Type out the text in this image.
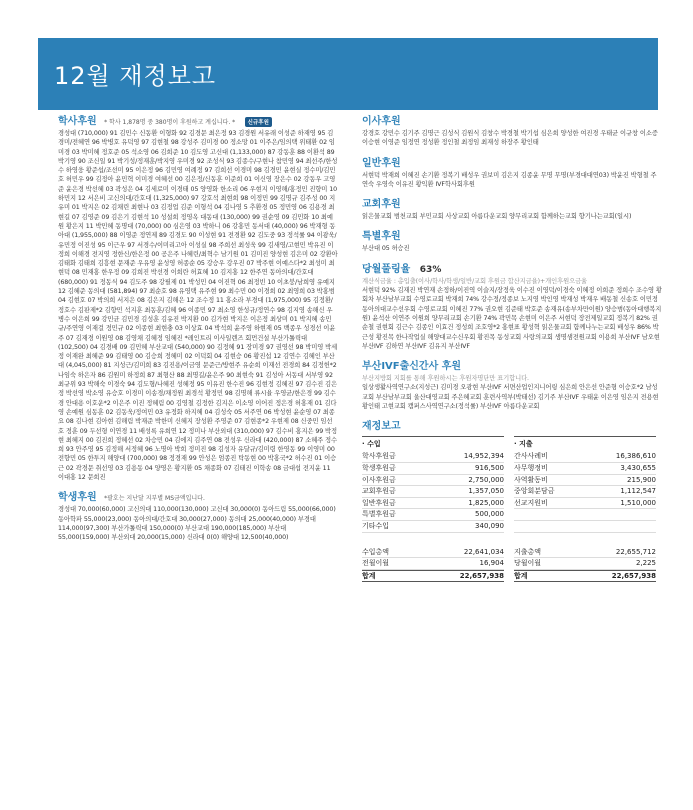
12월 재정보고
학사후원 * 학사 1,878명 중 380명이 후원하고 계십니다. * 신규후원
경성대 (710,000) 91 김민수 신동환 이형화 92 김경문 최은정 93 김경원 서유래 이성준 하재영 95 김경미/전혜연 96 박병호 유덕영 97 김현철 98 강성주 김미경 00 정소망 01 이주은/임의택 위태환 02 임미경 03 박미혜 정호준 05 석소영 06 김희준 10 김도영 고신대 (1,133,000) 87 강동훈 88 이환석 89 박기영 90 조신일 91 박기성/정재훈/박지영 우미경 92 조성식 93 김종수/구현나 참민영 94 최선주/한성수 하영웅 황준섭/조선미 95 이은정 96 김민영 여례정 97 김희선 이경미 98 김경민 윤현실 정수미/김민호 허민우 99 김정아 윤민혁 이미경 여혜선 00 김은정/신동훈 이준희 01 이신영 장은수 02 강동우 고영준 윤은경 박선혜 03 곽성은 04 김세로미 이경태 05 양영화 한소리 06 우현지 이영해/홍정민 진향미 10 하민지 12 서은비 고신의대/간호대 (1,325,000) 97 강호석 최현희 98 이정민 99 김명규 김주성 00 지유미 01 박지은 02 김채린 최현나 03 김정업 김준 이형석 04 김나영 5 추환경 05 정민영 06 김용경 최현길 07 김영준 09 김은기 김현석 10 성설희 정영옥 대동대 (130,000) 99 권순영 09 김민화 10 최예원 황은지 11 박민혜 동명대 (70,000) 00 심은영 03 박하니 06 강홍민 동서대 (40,000) 96 박재형 동아대 (1,955,000) 88 이영준 정연제 89 김경도 90 이성현 91 전경환 92 김도중 93 정석률 94 이광욱/유민정 이진성 95 이근우 97 서경수/이미리고아 이성실 98 주희선 최성욱 99 김새영/고현민 박유진 이정희 이해경 전지영 정한신/한은정 00 공은주 나혜린/최혁수 남기원 01 김미진 양성현 김은미 02 강환아 김태화 김태희 김흥현 문재준 우유영 윤성영 허종순 05 강승우 강우진 07 박주현 이예스다*2 최성미 최현덕 08 민재홍 한우정 09 김희진 박선경 이희란 허효혜 10 김지홍 12 한주연 동아의대/간호대 (680,000) 91 정동식 94 김도주 98 강필제 01 박성민 04 이진혁 06 최정빈 10 이초붕/남희영 유예지 12 김혜준 동의대 (581,894) 97 최순호 98 유영택 유주현 99 최수민 00 이경희 02 최영희 03 박홍범 04 김현호 07 박의희 서지은 08 김은지 김해은 12 조수정 11 홍소라 부경대 (1,975,000) 95 김정환/정호수 김판제*2 김향민 석지훈 최동훈/김혜 96 이종민 97 최소영 한성규/정연수 98 김지영 송해신 우병수 이은희 99 강민균 김민경 김성훈 김유진 박지환 00 김가현 박지은 이은정 최상미 01 박지혜 송민규/주연영 이재걸 정민규 02 이종현 최현충 03 이상효 04 박석희 윤주영 하현재 05 백종우 성경선 이윤주 07 김재경 이원영 08 김영채 김혜정 임혜진 *레인트리 이사일렌즈 회먼건설 부산가톨릭대 (102,500) 04 김경배 09 김민혜 부산교대 (540,000) 90 김정혜 91 장미경 97 권영선 98 박미영 박세정 이재완 최혜준 99 김태영 00 김승희 정혜미 02 이덕회 04 김현승 06 황진섭 12 김연수 김혜인 부산대 (4,045,000) 81 지성근/김미희 83 김진용/이금영 문준근/방현주 유순희 이재선 전경희 84 김정헌*2 나임숙 하은자 86 김원미 하정희 87 최형산 88 최명길/윤은주 90 최현숙 91 김성아 서동대 서부영 92 최규위 93 박해숙 이경숙 94 김도형/나혜진 성혜정 95 이유진 한수진 96 김현정 김혜진 97 김수진 김은정 박선영 박소영 유승호 이경미 이송경/채정원 최경석 황정민 98 김명해 류시율 우영균/한은경 99 김수경 안대용 이호운*2 이은주 이진 정혜림 00 김영철 김정한 김지은 이소영 이어진 정은경 허홍재 01 김다영 손예원 심동훈 02 김동욱/정여민 03 유정화 하지혜 04 김성숙 05 서주연 06 박성현 윤순영 07 최종요 08 김나현 김아현 김해림 박재준 박한미 신혜지 장성환 주영준 07 김현종*2 우현제 08 신중민 임선호 정훈 09 두선형 이연경 11 배성록 유희연 12 정미나 부산외대 (310,000) 97 김수비 홍지은 99 박정현 최혜지 00 김진희 정혜선 02 차승민 04 김에지 김주연 08 전성우 신라대 (420,000) 87 소혜주 정수희 93 안주영 95 김정해 서정혜 96 노명아 박희 정미진 98 김성자 유달규/김미령 한영동 99 이영미 00 전향민 05 한투지 해양대 (700,000) 98 정경재 99 안성은 엄종진 탁동현 00 박홍국*2 허수진 01 이승근 02 곽경문 취선영 03 김용동 04 양영은 황지환 05 채종화 07 김태진 이학송 08 금대섭 전지윤 11 이대홍 12 문희진
학생후원 *괄호는 지난달 지부별 MS금액입니다.
경성대 70,000(60,000) 고신의대 110,000(130,000) 고신대 30,000(0) 동아드림 55,000(66,000) 동아학파 55,000(23,000) 동아의대/간호대 30,000(27,000) 동의대 25,000(40,000) 부경대 114,000(97,300) 부산가톨릭대 150,000(0) 부산교대 190,000(185,000) 부산대 55,000(159,000) 부산외대 20,000(15,000) 신라대 0(0) 해양대 12,500(40,000)
이사후원
강경호 강민수 김기주 김명근 김성식 김원식 김창수 박경철 박기섭 심은희 양성한 여진경 우태균 이규창 이소증 이승현 이영준 임정연 정성환 정인철 최정임 최재성 하장주 황인태
일반후원
서현덕 박재희 이혜진 손기환 정복기 배성우 권보미 김은지 김종윤 무명 무명(부경대대연03) 박윤진 박형철 주연숙 우영숙 이유진 황익환 IVF학사회후원
교회후원
읽은물교회 범천교회 부민교회 사상교회 아름다운교회 양무리교회 함께하는교회 향기나는교회(일시)
특별후원
부산대 05 허승진
당월풀링율 63%
계산식금율 : 총입출(이사/학사/학생/일반/교회 후원금 합산지금율)+개인후원으금율
서현덕 92% 김재진 박연재 손정하/이진역 이슬지/장정욱 이수진 이영덕/이경숙 이혜정 이희준 정희수 조수영 황회차 부산남부교회 수영로교회 박재희 74% 강수정/정종보 노지영 박인영 박재성 박재우 배동철 신송호 이민정 동아의대교수선우회 수영로교회 이혜진 77% 권오현 김준태 박호준 송재유(송부차만이원) 양승범(동아대행복지원) 윤석산 이연주 이원희 양무리교회 손기환 74% 곽민목 손현미 이은주 서현덕 장전제일교회 정복기 82% 권순철 권현회 김근수 김종인 이효건 정성희 조호영*2 홍현표 황성혁 읽은물교회 함께나누는교회 배성우 86% 박근성 황진목 한나작업실 해양대교수신우회 황진목 동성교회 사랑의교회 생명샘전원교회 이용희 부산IVF 남오현 부산IVF 김하연 부산IVF 김유지 부산IVF
부산IVF출신간사 후원
부산지방회 지회를 통해 후원하시는 후원자명단만 표기합니다.
일상생활사역연구소(지성근) 김미경 오광현 부산IVF 서면산업인지니어링 심은희 안은선 안준형 이승호*2 남성교회 부산남부교회 울산대영교회 주은혜교회 훈련사역부(박태선) 김기주 부산IVF 우태윤 이은영 임은지 전용현 황인태 고현교회 캠퍼스사역연구소(정석률) 부산IVF 아름다운교회
재정보고
· 수입
학사후원금	14,952,394
학생후원금	916,500
이사후원금	2,750,000
교회후원금	1,357,050
일반후원금	1,825,000
특별후원금	500,000
기타수입	340,090
수입총액	22,641,034
전월이월	16,904
합계	22,657,938
· 지출
간사사례비	16,386,610
사무행정비	3,430,655
사역활동비	215,900
중앙회분담금	1,112,547
선교지원비	1,510,000
지출총액	22,655,712
당월이월	2,225
합계	22,657,938
